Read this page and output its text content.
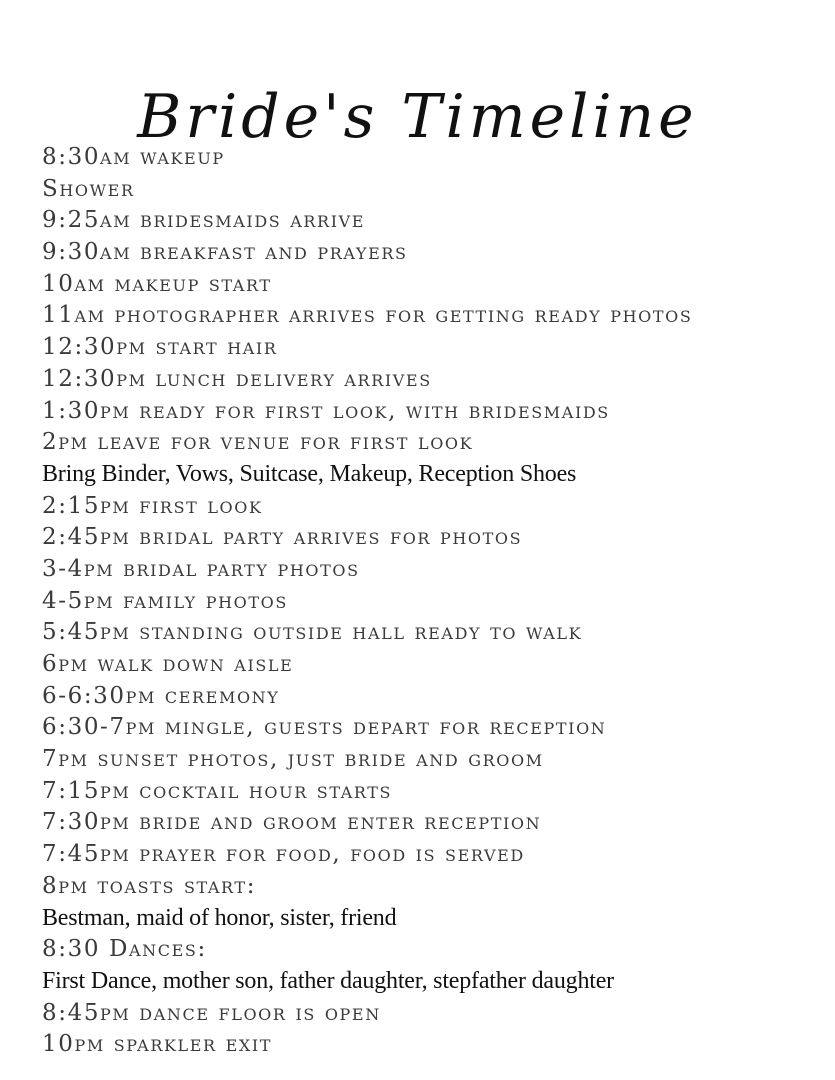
Bride's Timeline
8:30am wakeup
Shower
9:25am bridesmaids arrive
9:30am breakfast and prayers
10am makeup start
11am photographer arrives for getting ready photos
12:30pm start hair
12:30pm lunch delivery arrives
1:30pm ready for first look, with bridesmaids
2pm leave for venue for first look
Bring Binder, Vows, Suitcase, Makeup, Reception Shoes
2:15pm first look
2:45pm bridal party arrives for photos
3-4pm bridal party photos
4-5pm family photos
5:45pm standing outside hall ready to walk
6pm walk down aisle
6-6:30pm ceremony
6:30-7pm mingle, guests depart for reception
7pm sunset photos, just bride and groom
7:15pm cocktail hour starts
7:30pm bride and groom enter reception
7:45pm prayer for food, food is served
8pm toasts start:
Bestman, maid of honor, sister, friend
8:30 Dances:
First Dance, mother son, father daughter, stepfather daughter
8:45pm dance floor is open
10pm sparkler exit
